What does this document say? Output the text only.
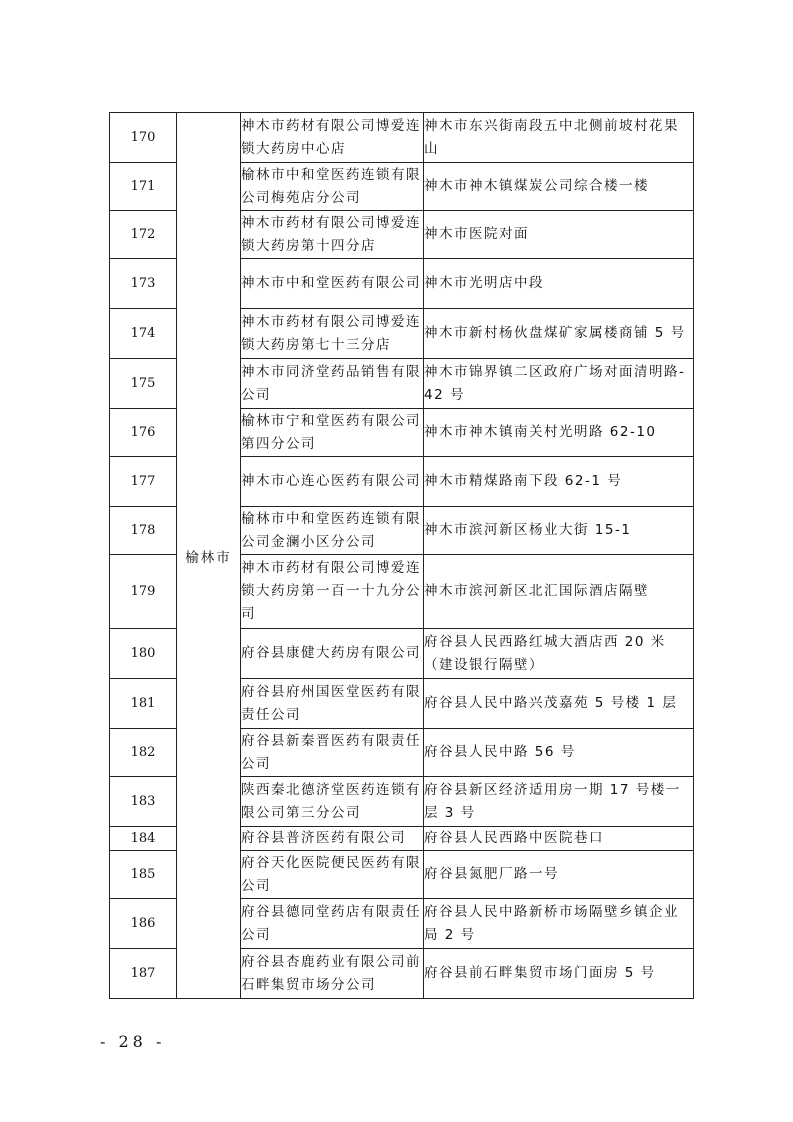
170	榆林市	神木市药材有限公司博爱连锁大药房中心店	神木市东兴街南段五中北侧前坡村花果山
171		榆林市中和堂医药连锁有限公司梅苑店分公司	神木市神木镇煤炭公司综合楼一楼
172		神木市药材有限公司博爱连锁大药房第十四分店	神木市医院对面
173		神木市中和堂医药有限公司	神木市光明店中段
174		神木市药材有限公司博爱连锁大药房第七十三分店	神木市新村杨伙盘煤矿家属楼商铺 5 号
175		神木市同济堂药品销售有限公司	神木市锦界镇二区政府广场对面清明路-42 号
176		榆林市宁和堂医药有限公司第四分公司	神木市神木镇南关村光明路 62-10
177		神木市心连心医药有限公司	神木市精煤路南下段 62-1 号
178		榆林市中和堂医药连锁有限公司金澜小区分公司	神木市滨河新区杨业大街 15-1
179		神木市药材有限公司博爱连锁大药房第一百一十九分公司	神木市滨河新区北汇国际酒店隔壁
180		府谷县康健大药房有限公司	府谷县人民西路红城大酒店西 20 米（建设银行隔壁）
181		府谷县府州国医堂医药有限责任公司	府谷县人民中路兴茂嘉苑 5 号楼 1 层
182		府谷县新秦晋医药有限责任公司	府谷县人民中路 56 号
183		陕西秦北德济堂医药连锁有限公司第三分公司	府谷县新区经济适用房一期 17 号楼一层 3 号
184		府谷县普济医药有限公司	府谷县人民西路中医院巷口
185		府谷天化医院便民医药有限公司	府谷县氮肥厂路一号
186		府谷县德同堂药店有限责任公司	府谷县人民中路新桥市场隔壁乡镇企业局 2 号
187		府谷县杏鹿药业有限公司前石畔集贸市场分公司	府谷县前石畔集贸市场门面房 5 号
- 28 -
